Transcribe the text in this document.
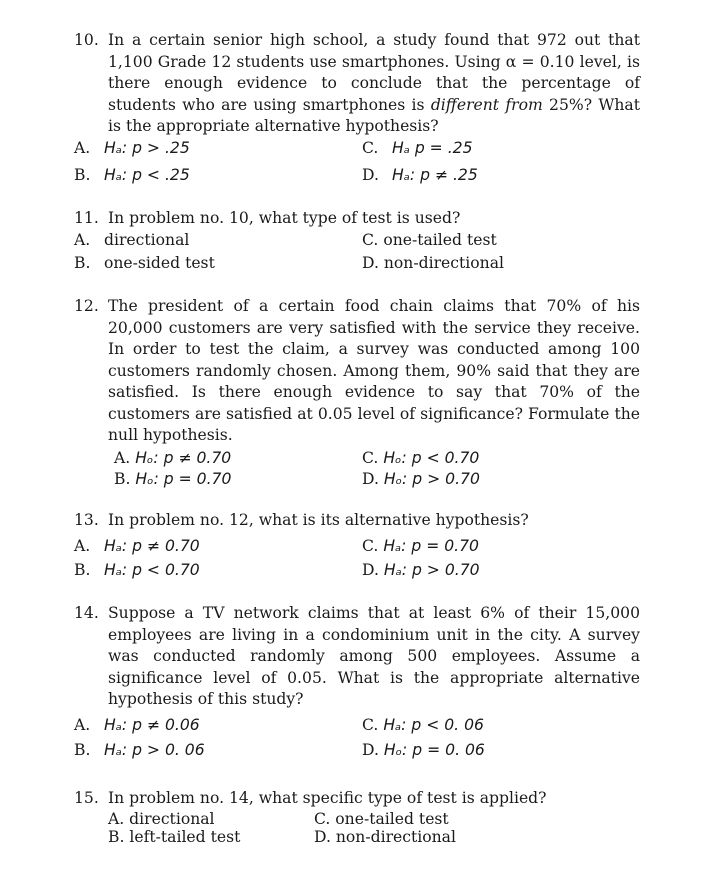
10. In a certain senior high school, a study found that 972 out that 1,100 Grade 12 students use smartphones. Using α = 0.10 level, is there enough evidence to conclude that the percentage of students who are using smartphones is different from 25%? What is the appropriate alternative hypothesis?
A. Hₐ: p > .25
B. Hₐ: p < .25
C. Hₐ p = .25
D. Hₐ: p ≠ .25
11. In problem no. 10, what type of test is used?
A. directional
B. one-sided test
C. one-tailed test
D. non-directional
12. The president of a certain food chain claims that 70% of his 20,000 customers are very satisfied with the service they receive. In order to test the claim, a survey was conducted among 100 customers randomly chosen. Among them, 90% said that they are satisfied. Is there enough evidence to say that 70% of the customers are satisfied at 0.05 level of significance? Formulate the null hypothesis.
A. Hₒ: p ≠ 0.70
B. Hₒ: p = 0.70
C. Hₒ: p < 0.70
D. Hₒ: p > 0.70
13. In problem no. 12, what is its alternative hypothesis?
A. Hₐ: p ≠ 0.70
B. Hₐ: p < 0.70
C. Hₐ: p = 0.70
D. Hₐ: p > 0.70
14. Suppose a TV network claims that at least 6% of their 15,000 employees are living in a condominium unit in the city. A survey was conducted randomly among 500 employees. Assume a significance level of 0.05. What is the appropriate alternative hypothesis of this study?
A. Hₐ: p ≠ 0.06
B. Hₐ: p > 0. 06
C. Hₐ: p < 0. 06
D. Hₒ: p = 0. 06
15. In problem no. 14, what specific type of test is applied?
A. directional
B. left-tailed test
C. one-tailed test
D. non-directional
